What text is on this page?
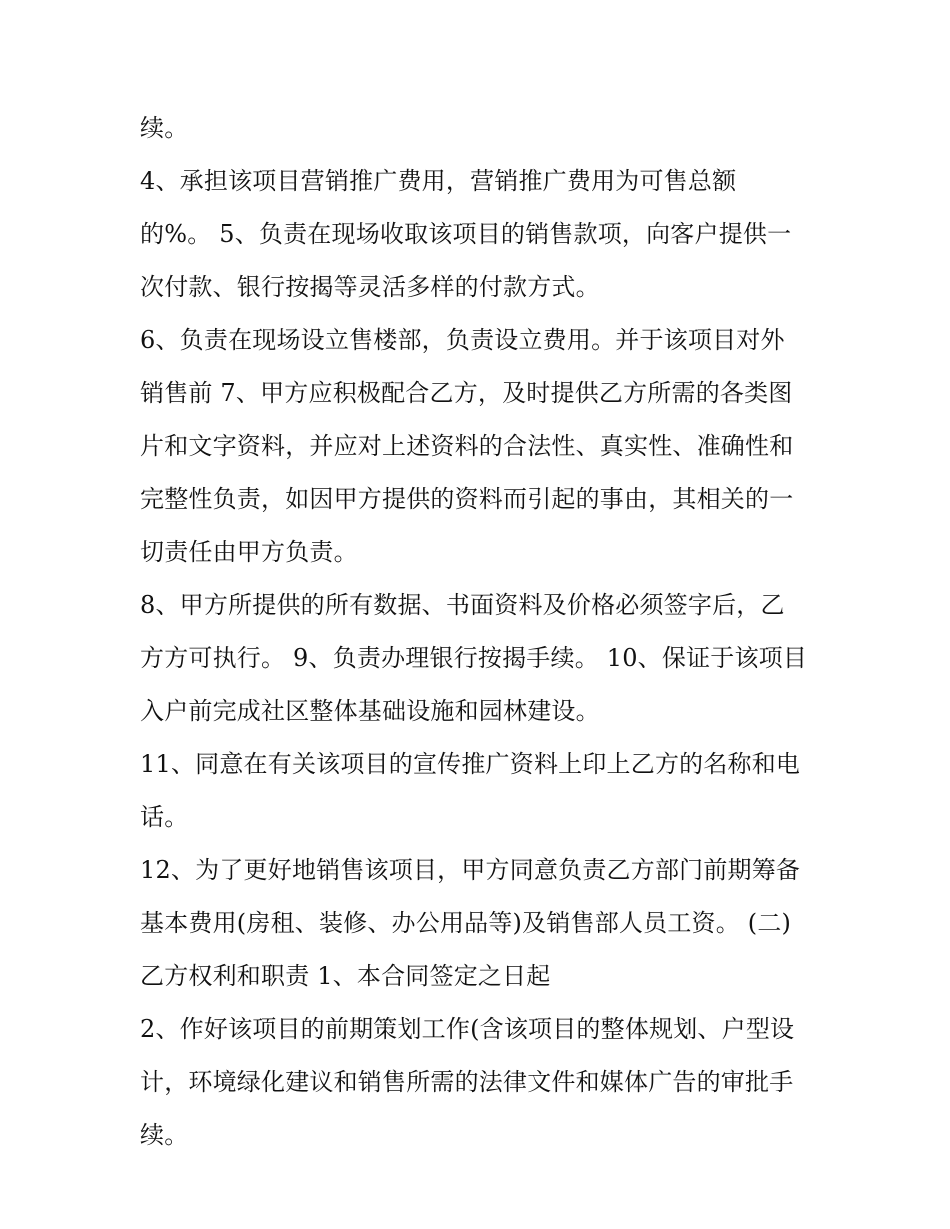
续。
4、承担该项目营销推广费用，营销推广费用为可售总额
的%。 5、负责在现场收取该项目的销售款项，向客户提供一
次付款、银行按揭等灵活多样的付款方式。
6、负责在现场设立售楼部，负责设立费用。并于该项目对外
销售前 7、甲方应积极配合乙方，及时提供乙方所需的各类图
片和文字资料，并应对上述资料的合法性、真实性、准确性和
完整性负责，如因甲方提供的资料而引起的事由，其相关的一
切责任由甲方负责。
8、甲方所提供的所有数据、书面资料及价格必须签字后，乙
方方可执行。 9、负责办理银行按揭手续。 10、保证于该项目
入户前完成社区整体基础设施和园林建设。
11、同意在有关该项目的宣传推广资料上印上乙方的名称和电
话。
12、为了更好地销售该项目，甲方同意负责乙方部门前期筹备
基本费用(房租、装修、办公用品等)及销售部人员工资。 (二)
乙方权利和职责 1、本合同签定之日起
2、作好该项目的前期策划工作(含该项目的整体规划、户型设
计，环境绿化建议和销售所需的法律文件和媒体广告的审批手
续。
